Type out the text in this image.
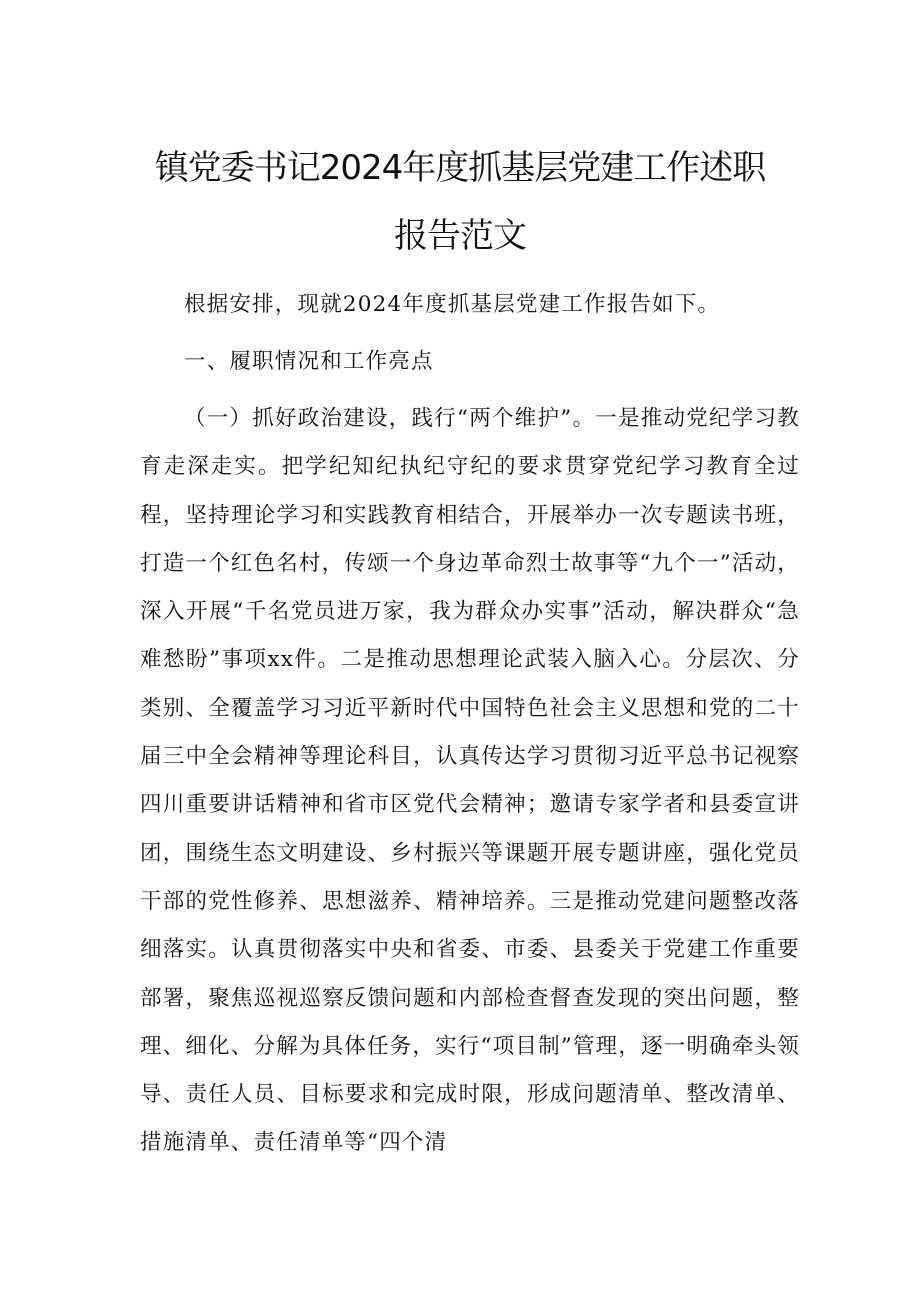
镇党委书记2024年度抓基层党建工作述职
报告范文

根据安排，现就2024年度抓基层党建工作报告如下。

一、履职情况和工作亮点

（一）抓好政治建设，践行“两个维护”。一是推动党纪学习教育走深走实。把学纪知纪执纪守纪的要求贯穿党纪学习教育全过程，坚持理论学习和实践教育相结合，开展举办一次专题读书班，打造一个红色名村，传颂一个身边革命烈士故事等“九个一”活动，深入开展“千名党员进万家，我为群众办实事”活动，解决群众“急难愁盼”事项xx件。二是推动思想理论武装入脑入心。分层次、分类别、全覆盖学习习近平新时代中国特色社会主义思想和党的二十届三中全会精神等理论科目，认真传达学习贯彻习近平总书记视察四川重要讲话精神和省市区党代会精神；邀请专家学者和县委宣讲团，围绕生态文明建设、乡村振兴等课题开展专题讲座，强化党员干部的党性修养、思想滋养、精神培养。三是推动党建问题整改落细落实。认真贯彻落实中央和省委、市委、县委关于党建工作重要部署，聚焦巡视巡察反馈问题和内部检查督查发现的突出问题，整理、细化、分解为具体任务，实行“项目制”管理，逐一明确牵头领导、责任人员、目标要求和完成时限，形成问题清单、整改清单、措施清单、责任清单等“四个清
